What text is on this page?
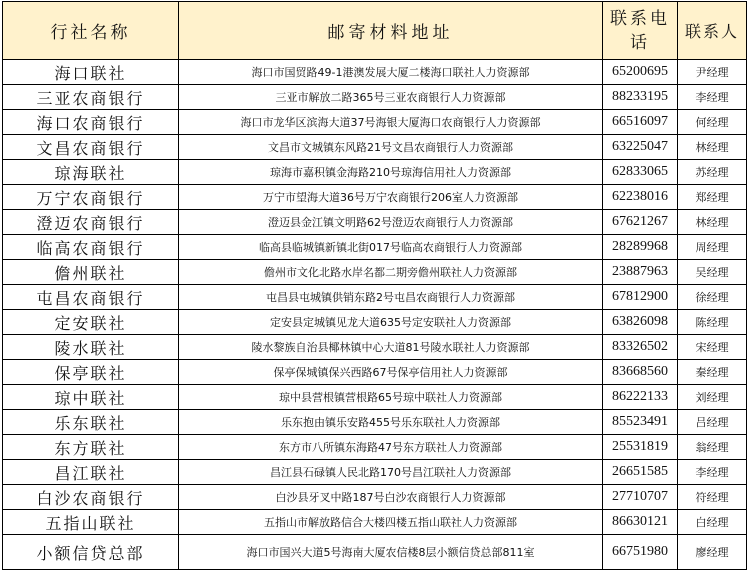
行社名称	邮寄材料地址	联系电话	联系人
海口联社	海口市国贸路49-1港澳发展大厦二楼海口联社人力资源部	65200695	尹经理
三亚农商银行	三亚市解放二路365号三亚农商银行人力资源部	88233195	李经理
海口农商银行	海口市龙华区滨海大道37号海银大厦海口农商银行人力资源部	66516097	何经理
文昌农商银行	文昌市文城镇东风路21号文昌农商银行人力资源部	63225047	林经理
琼海联社	琼海市嘉积镇金海路210号琼海信用社人力资源部	62833065	苏经理
万宁农商银行	万宁市望海大道36号万宁农商银行206室人力资源部	62238016	郑经理
澄迈农商银行	澄迈县金江镇文明路62号澄迈农商银行人力资源部	67621267	林经理
临高农商银行	临高县临城镇新镇北街017号临高农商银行人力资源部	28289968	周经理
儋州联社	儋州市文化北路水岸名都二期旁儋州联社人力资源部	23887963	吴经理
屯昌农商银行	屯昌县屯城镇供销东路2号屯昌农商银行人力资源部	67812900	徐经理
定安联社	定安县定城镇见龙大道635号定安联社人力资源部	63826098	陈经理
陵水联社	陵水黎族自治县椰林镇中心大道81号陵水联社人力资源部	83326502	宋经理
保亭联社	保亭保城镇保兴西路67号保亭信用社人力资源部	83668560	秦经理
琼中联社	琼中县营根镇营根路65号琼中联社人力资源部	86222133	刘经理
乐东联社	乐东抱由镇乐安路455号乐东联社人力资源部	85523491	吕经理
东方联社	东方市八所镇东海路47号东方联社人力资源部	25531819	翁经理
昌江联社	昌江县石碌镇人民北路170号昌江联社人力资源部	26651585	李经理
白沙农商银行	白沙县牙叉中路187号白沙农商银行人力资源部	27710707	符经理
五指山联社	五指山市解放路信合大楼四楼五指山联社人力资源部	86630121	白经理
小额信贷总部	海口市国兴大道5号海南大厦农信楼8层小额信贷总部811室	66751980	廖经理
